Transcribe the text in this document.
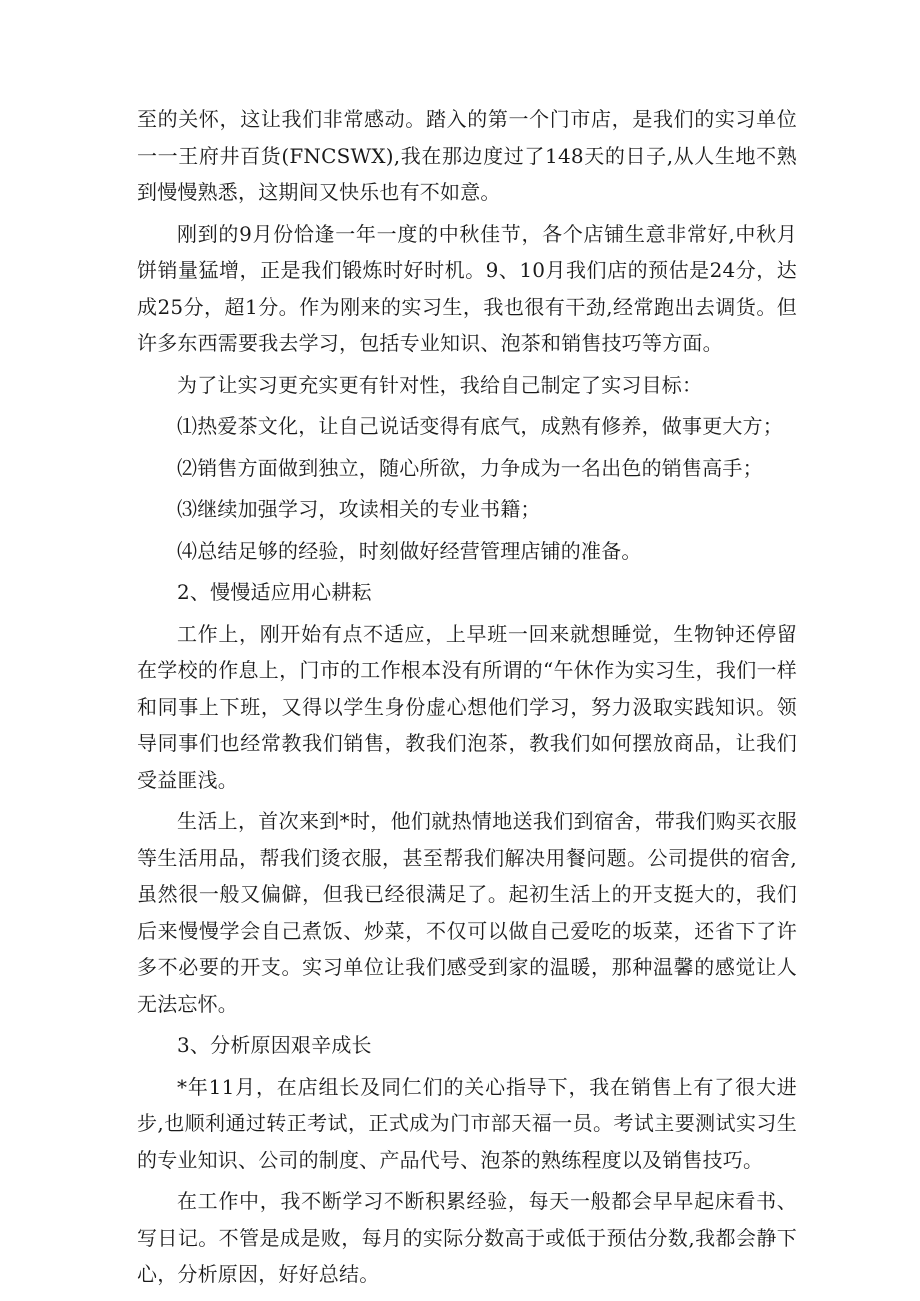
至的关怀，这让我们非常感动。踏入的第一个门市店，是我们的实习单位一一王府井百货(FNCSWX),我在那边度过了148天的日子,从人生地不熟到慢慢熟悉，这期间又快乐也有不如意。

刚到的9月份恰逢一年一度的中秋佳节，各个店铺生意非常好,中秋月饼销量猛增，正是我们锻炼时好时机。9、10月我们店的预估是24分，达成25分，超1分。作为刚来的实习生，我也很有干劲,经常跑出去调货。但许多东西需要我去学习，包括专业知识、泡茶和销售技巧等方面。

为了让实习更充实更有针对性，我给自己制定了实习目标：

⑴热爱茶文化，让自己说话变得有底气，成熟有修养，做事更大方；

⑵销售方面做到独立，随心所欲，力争成为一名出色的销售高手；

⑶继续加强学习，攻读相关的专业书籍；

⑷总结足够的经验，时刻做好经营管理店铺的准备。

2、慢慢适应用心耕耘

工作上，刚开始有点不适应，上早班一回来就想睡觉，生物钟还停留在学校的作息上，门市的工作根本没有所谓的“午休作为实习生，我们一样和同事上下班，又得以学生身份虚心想他们学习，努力汲取实践知识。领导同事们也经常教我们销售，教我们泡茶，教我们如何摆放商品，让我们受益匪浅。

生活上，首次来到*时，他们就热情地送我们到宿舍，带我们购买衣服等生活用品，帮我们烫衣服，甚至帮我们解决用餐问题。公司提供的宿舍,虽然很一般又偏僻，但我已经很满足了。起初生活上的开支挺大的，我们后来慢慢学会自己煮饭、炒菜，不仅可以做自己爱吃的坂菜，还省下了许多不必要的开支。实习单位让我们感受到家的温暖，那种温馨的感觉让人无法忘怀。

3、分析原因艰辛成长

*年11月，在店组长及同仁们的关心指导下，我在销售上有了很大进步,也顺利通过转正考试，正式成为门市部天福一员。考试主要测试实习生的专业知识、公司的制度、产品代号、泡茶的熟练程度以及销售技巧。

在工作中，我不断学习不断积累经验，每天一般都会早早起床看书、写日记。不管是成是败，每月的实际分数高于或低于预估分数,我都会静下心，分析原因，好好总结。
